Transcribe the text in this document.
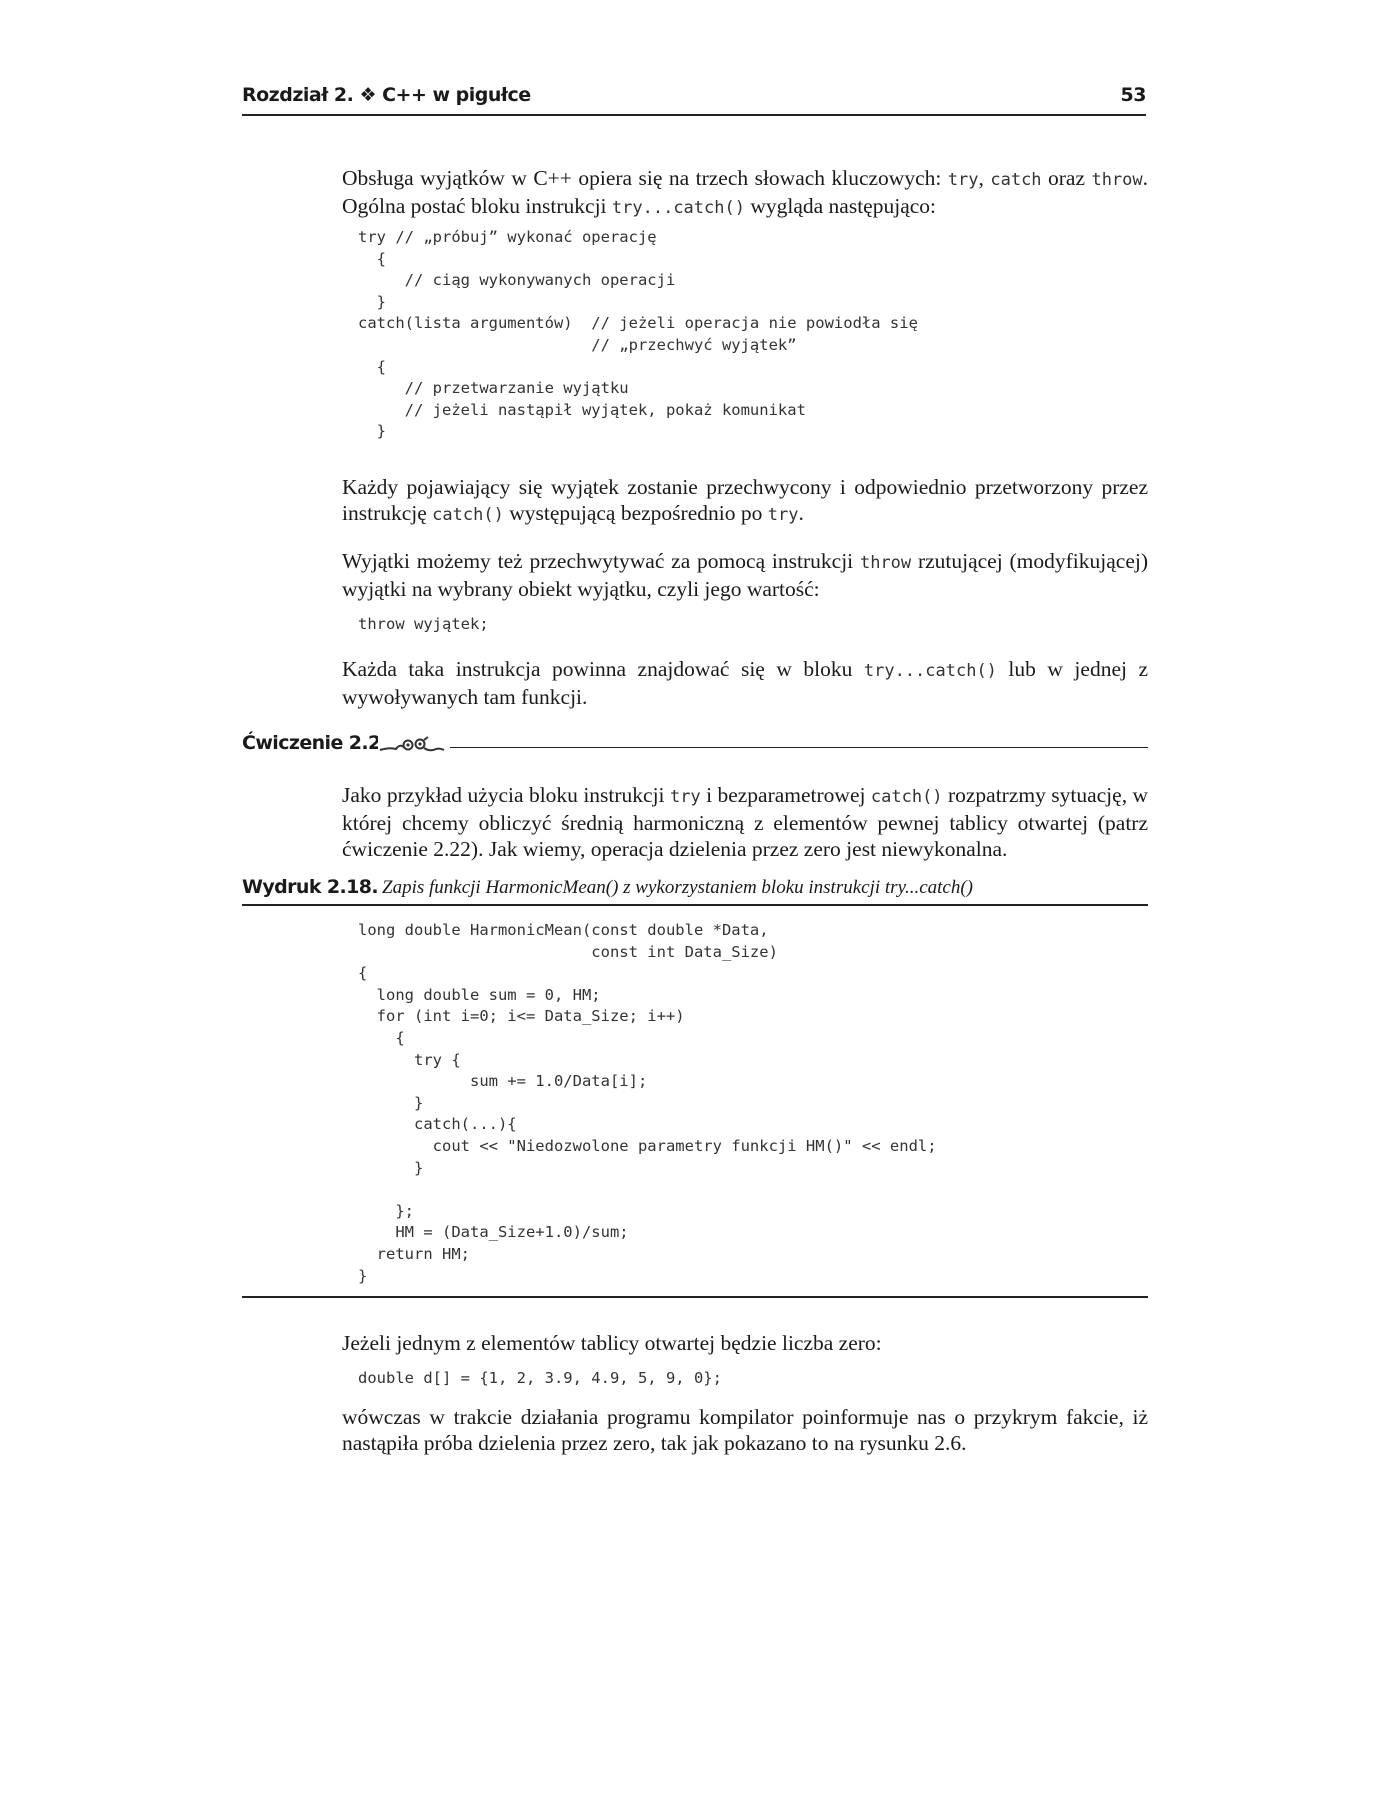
Rozdział 2. ❖ C++ w pigułce	53

Obsługa wyjątków w C++ opiera się na trzech słowach kluczowych: try, catch oraz throw. Ogólna postać bloku instrukcji try...catch() wygląda następująco:

try // „próbuj” wykonać operację
{
// ciąg wykonywanych operacji
}
catch(lista argumentów)  // jeżeli operacja nie powiodła się
// „przechwyć wyjątek”
{
// przetwarzanie wyjątku
// jeżeli nastąpił wyjątek, pokaż komunikat
}

Każdy pojawiający się wyjątek zostanie przechwycony i odpowiednio przetworzony przez instrukcję catch() występującą bezpośrednio po try.

Wyjątki możemy też przechwytywać za pomocą instrukcji throw rzutującej (modyfikującej) wyjątki na wybrany obiekt wyjątku, czyli jego wartość:

throw wyjątek;

Każda taka instrukcja powinna znajdować się w bloku try...catch() lub w jednej z wywoływanych tam funkcji.

Ćwiczenie 2.25.

Jako przykład użycia bloku instrukcji try i bezparametrowej catch() rozpatrzmy sytuację, w której chcemy obliczyć średnią harmoniczną z elementów pewnej tablicy otwartej (patrz ćwiczenie 2.22). Jak wiemy, operacja dzielenia przez zero jest niewykonalna.

Wydruk 2.18. Zapis funkcji HarmonicMean() z wykorzystaniem bloku instrukcji try...catch()
long double HarmonicMean(const double *Data,
const int Data_Size)
{
long double sum = 0, HM;
for (int i=0; i<= Data_Size; i++)
{
try {
sum += 1.0/Data[i];
}
catch(...){
cout << "Niedozwolone parametry funkcji HM()" << endl;
}

};
HM = (Data_Size+1.0)/sum;
return HM;
}

Jeżeli jednym z elementów tablicy otwartej będzie liczba zero:

double d[] = {1, 2, 3.9, 4.9, 5, 9, 0};

wówczas w trakcie działania programu kompilator poinformuje nas o przykrym fakcie, iż nastąpiła próba dzielenia przez zero, tak jak pokazano to na rysunku 2.6.
